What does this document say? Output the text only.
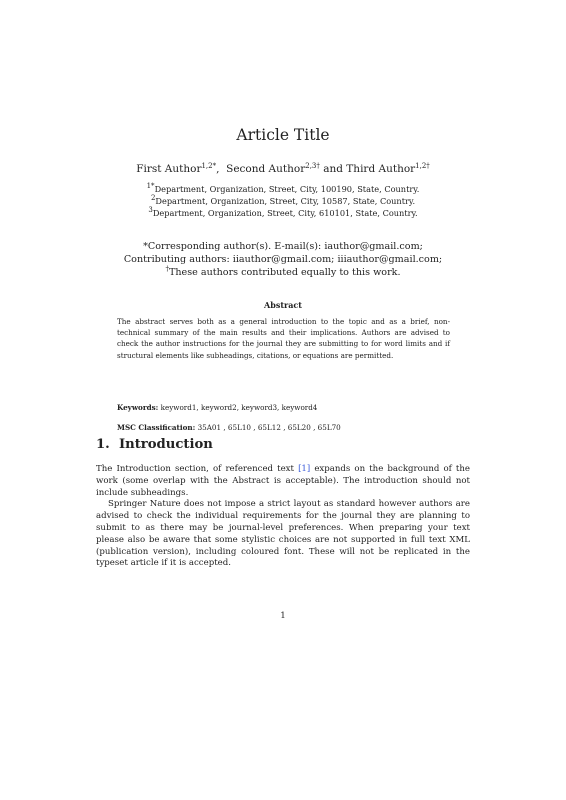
Article Title
First Author$^{1,2*}$,  Second Author$^{2,3\dagger}$ and Third Author$^{1,2\dagger}$
$^{1*}$Department, Organization, Street, City, 100190, State, Country.
$^2$Department, Organization, Street, City, 10587, State, Country.
$^3$Department, Organization, Street, City, 610101, State, Country.
*Corresponding author(s). E-mail(s): iauthor@gmail.com;
Contributing authors: iiauthor@gmail.com; iiiauthor@gmail.com;
†These authors contributed equally to this work.
Abstract
The abstract serves both as a general introduction to the topic and as a brief, non-technical summary of the main results and their implications. Authors are advised to check the author instructions for the journal they are submitting to for word limits and if structural elements like subheadings, citations, or equations are permitted.
Keywords: keyword1, keyword2, keyword3, keyword4
MSC Classification: 35A01 , 65L10 , 65L12 , 65L20 , 65L70
1.  Introduction

The Introduction section, of referenced text [1] expands on the background of the work (some overlap with the Abstract is acceptable). The introduction should not include subheadings.

Springer Nature does not impose a strict layout as standard however authors are advised to check the individual requirements for the journal they are planning to submit to as there may be journal-level preferences. When preparing your text please also be aware that some stylistic choices are not supported in full text XML (publication version), including coloured font. These will not be replicated in the typeset article if it is accepted.

1
